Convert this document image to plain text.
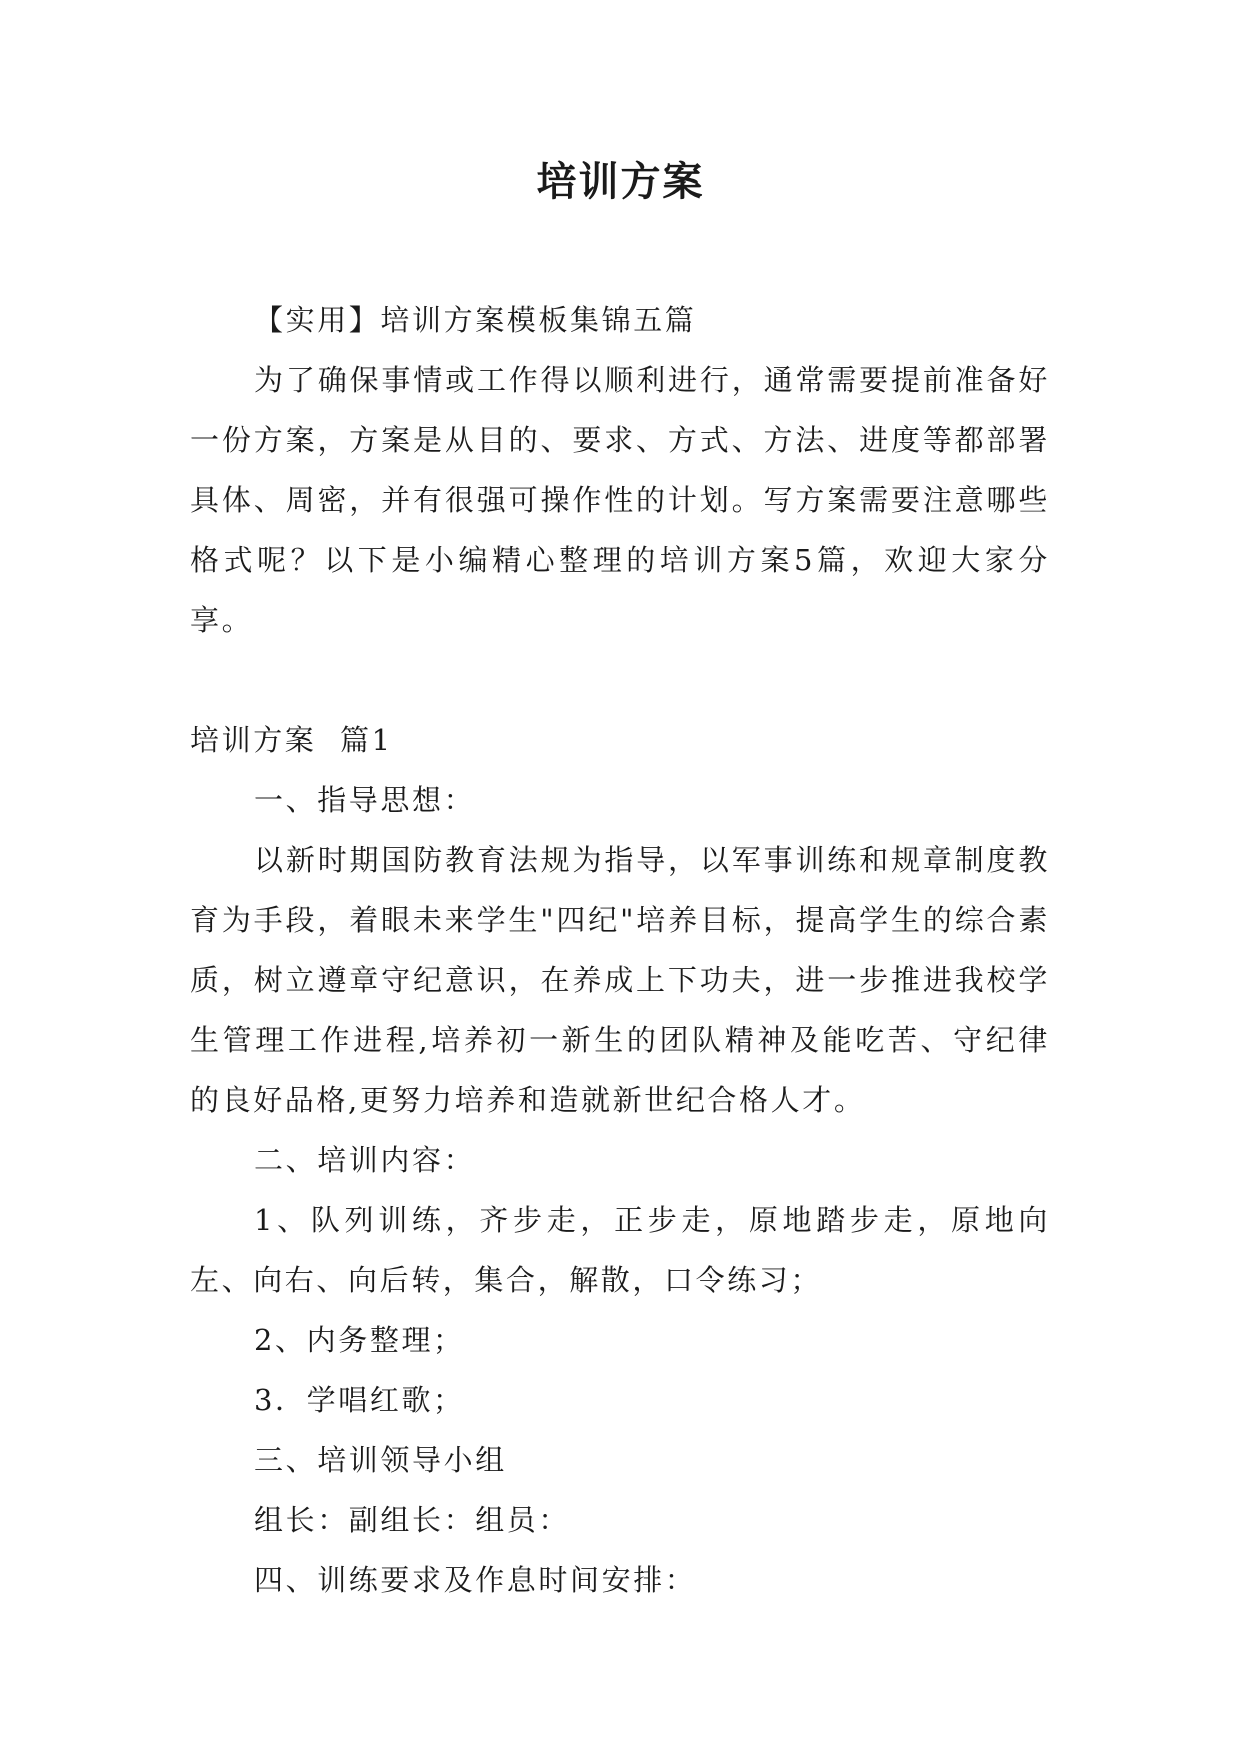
培训方案

【实用】培训方案模板集锦五篇

为了确保事情或工作得以顺利进行，通常需要提前准备好一份方案，方案是从目的、要求、方式、方法、进度等都部署具体、周密，并有很强可操作性的计划。写方案需要注意哪些格式呢？以下是小编精心整理的培训方案5篇，欢迎大家分享。

培训方案  篇1

一、指导思想：

以新时期国防教育法规为指导，以军事训练和规章制度教育为手段，着眼未来学生"四纪"培养目标，提高学生的综合素质，树立遵章守纪意识，在养成上下功夫，进一步推进我校学生管理工作进程,培养初一新生的团队精神及能吃苦、守纪律的良好品格,更努力培养和造就新世纪合格人才。

二、培训内容：

1、队列训练，齐步走，正步走，原地踏步走，原地向左、向右、向后转，集合，解散，口令练习；

2、内务整理；

3．学唱红歌；

三、培训领导小组

组长：副组长：组员：

四、训练要求及作息时间安排：
